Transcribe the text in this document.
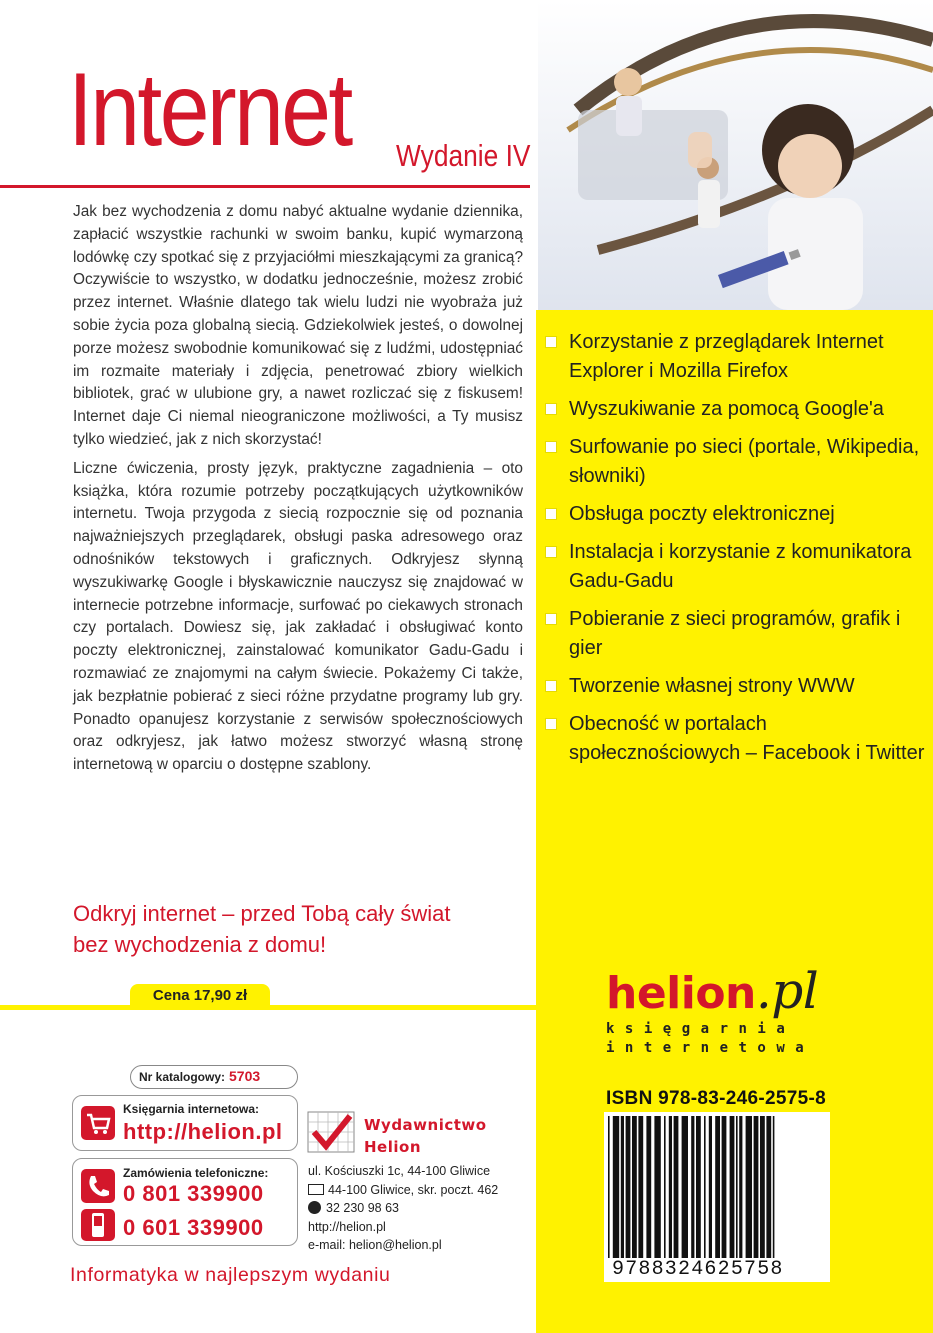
Internet Wydanie IV

Jak bez wychodzenia z domu nabyć aktualne wydanie dziennika, zapłacić wszystkie rachunki w swoim banku, kupić wymarzoną lodówkę czy spotkać się z przyjaciółmi mieszkającymi za granicą? Oczywiście to wszystko, w dodatku jednocześnie, możesz zrobić przez internet. Właśnie dlatego tak wielu ludzi nie wyobraża już sobie życia poza globalną siecią. Gdziekolwiek jesteś, o dowolnej porze możesz swobodnie komunikować się z ludźmi, udostępniać im rozmaite materiały i zdjęcia, penetrować zbiory wielkich bibliotek, grać w ulubione gry, a nawet rozliczać się z fiskusem! Internet daje Ci niemal nieograniczone możliwości, a Ty musisz tylko wiedzieć, jak z nich skorzystać!

Liczne ćwiczenia, prosty język, praktyczne zagadnienia – oto książka, która rozumie potrzeby początkujących użytkowników internetu. Twoja przygoda z siecią rozpocznie się od poznania najważniejszych przeglądarek, obsługi paska adresowego oraz odnośników tekstowych i graficznych. Odkryjesz słynną wyszukiwarkę Google i błyskawicznie nauczysz się znajdować w internecie potrzebne informacje, surfować po ciekawych stronach czy portalach. Dowiesz się, jak zakładać i obsługiwać konto poczty elektronicznej, zainstalować komunikator Gadu-Gadu i rozmawiać ze znajomymi na całym świecie. Pokażemy Ci także, jak bezpłatnie pobierać z sieci różne przydatne programy lub gry. Ponadto opanujesz korzystanie z serwisów społecznościowych oraz odkryjesz, jak łatwo możesz stworzyć własną stronę internetową w oparciu o dostępne szablony.

Odkryj internet – przed Tobą cały świat
bez wychodzenia z domu!
Cena 17,90 zł
Nr katalogowy: 5703
Księgarnia internetowa:
http://helion.pl
Zamówienia telefoniczne:
0 801 339900
0 601 339900
Wydawnictwo
Helion
ul. Kościuszki 1c, 44-100 Gliwice
44-100 Gliwice, skr. poczt. 462
32 230 98 63
http://helion.pl
e-mail: helion@helion.pl
Informatyka w najlepszym wydaniu
Korzystanie z przeglądarek Internet Explorer i Mozilla Firefox
Wyszukiwanie za pomocą Google'a
Surfowanie po sieci (portale, Wikipedia, słowniki)
Obsługa poczty elektronicznej
Instalacja i korzystanie z komunikatora Gadu-Gadu
Pobieranie z sieci programów, grafik i gier
Tworzenie własnej strony WWW
Obecność w portalach społecznościowych – Facebook i Twitter
helion.pl
księgarnia
internetowa
ISBN 978-83-246-2575-8
9788324625758
